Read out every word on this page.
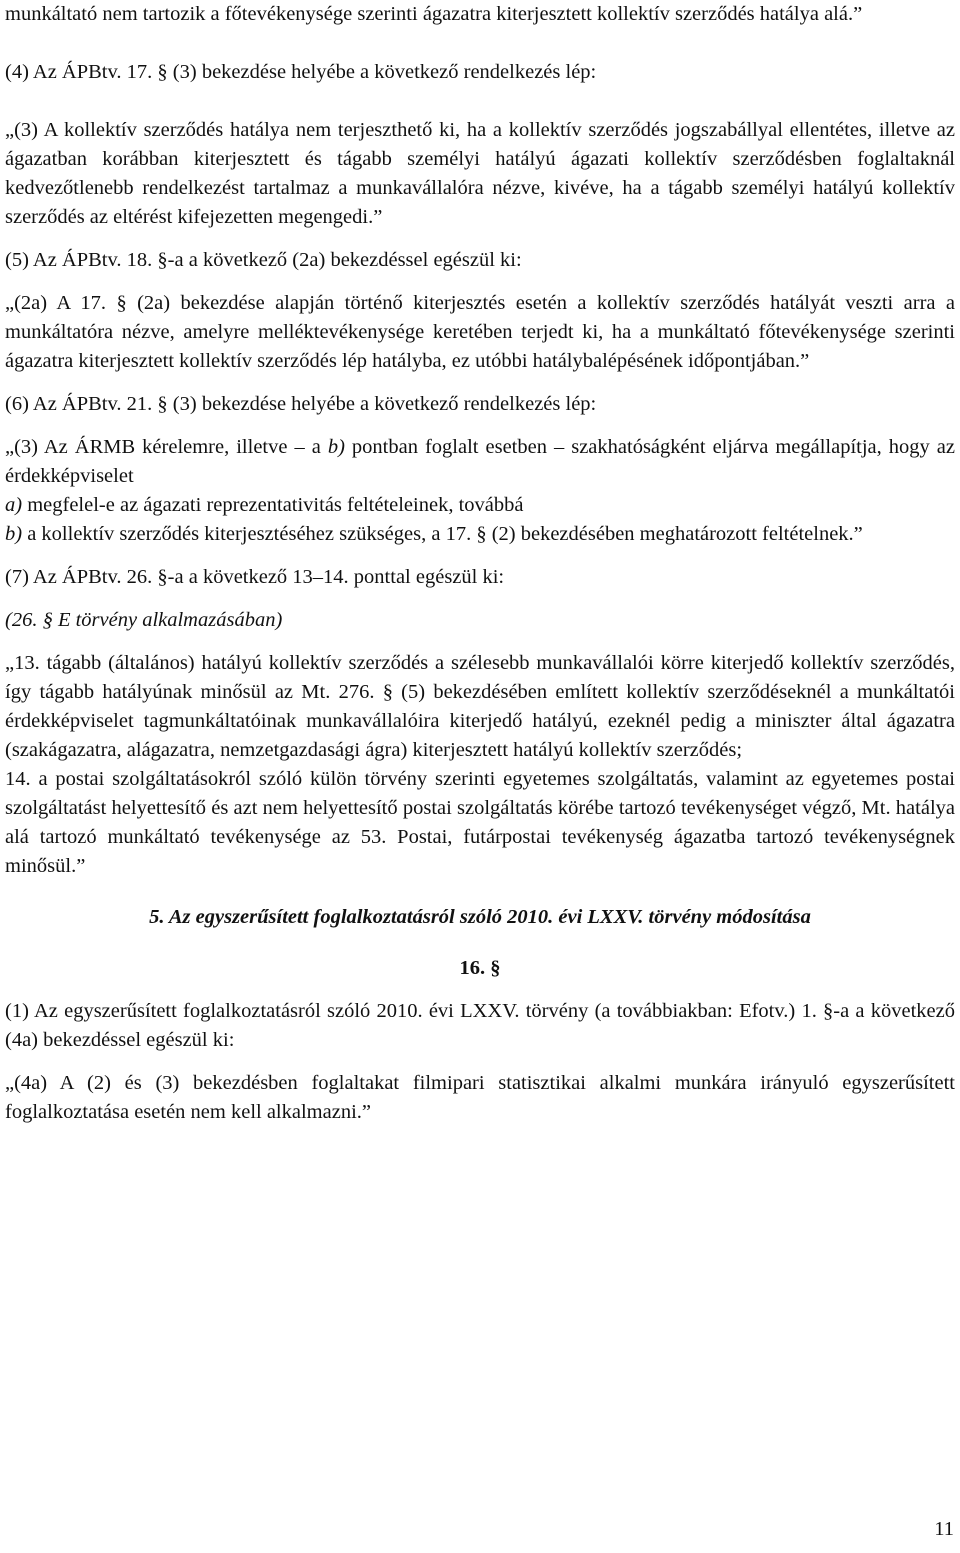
munkáltató nem tartozik a főtevékenysége szerinti ágazatra kiterjesztett kollektív szerződés hatálya alá.”

(4) Az ÁPBtv. 17. § (3) bekezdése helyébe a következő rendelkezés lép:

„(3) A kollektív szerződés hatálya nem terjeszthető ki, ha a kollektív szerződés jogszabállyal ellentétes, illetve az ágazatban korábban kiterjesztett és tágabb személyi hatályú ágazati kollektív szerződésben foglaltaknál kedvezőtlenebb rendelkezést tartalmaz a munkavállalóra nézve, kivéve, ha a tágabb személyi hatályú kollektív szerződés az eltérést kifejezetten megengedi.”

(5) Az ÁPBtv. 18. §-a a következő (2a) bekezdéssel egészül ki:

„(2a) A 17. § (2a) bekezdése alapján történő kiterjesztés esetén a kollektív szerződés hatályát veszti arra a munkáltatóra nézve, amelyre melléktevékenysége keretében terjedt ki, ha a munkáltató főtevékenysége szerinti ágazatra kiterjesztett kollektív szerződés lép hatályba, ez utóbbi hatálybalépésének időpontjában.”

(6) Az ÁPBtv. 21. § (3) bekezdése helyébe a következő rendelkezés lép:

„(3) Az ÁRMB kérelemre, illetve – a b) pontban foglalt esetben – szakhatóságként eljárva megállapítja, hogy az érdekképviselet

a) megfelel-e az ágazati reprezentativitás feltételeinek, továbbá

b) a kollektív szerződés kiterjesztéséhez szükséges, a 17. § (2) bekezdésében meghatározott feltételnek.”

(7) Az ÁPBtv. 26. §-a a következő 13–14. ponttal egészül ki:

(26. § E törvény alkalmazásában)

„13. tágabb (általános) hatályú kollektív szerződés a szélesebb munkavállalói körre kiterjedő kollektív szerződés, így tágabb hatályúnak minősül az Mt. 276. § (5) bekezdésében említett kollektív szerződéseknél a munkáltatói érdekképviselet tagmunkáltatóinak munkavállalóira kiterjedő hatályú, ezeknél pedig a miniszter által ágazatra (szakágazatra, alágazatra, nemzetgazdasági ágra) kiterjesztett hatályú kollektív szerződés;

14. a postai szolgáltatásokról szóló külön törvény szerinti egyetemes szolgáltatás, valamint az egyetemes postai szolgáltatást helyettesítő és azt nem helyettesítő postai szolgáltatás körébe tartozó tevékenységet végző, Mt. hatálya alá tartozó munkáltató tevékenysége az 53. Postai, futárpostai tevékenység ágazatba tartozó tevékenységnek minősül.”

5. Az egyszerűsített foglalkoztatásról szóló 2010. évi LXXV. törvény módosítása

16. §

(1) Az egyszerűsített foglalkoztatásról szóló 2010. évi LXXV. törvény (a továbbiakban: Efotv.) 1. §-a a következő (4a) bekezdéssel egészül ki:

„(4a) A (2) és (3) bekezdésben foglaltakat filmipari statisztikai alkalmi munkára irányuló egyszerűsített foglalkoztatása esetén nem kell alkalmazni.”

11
